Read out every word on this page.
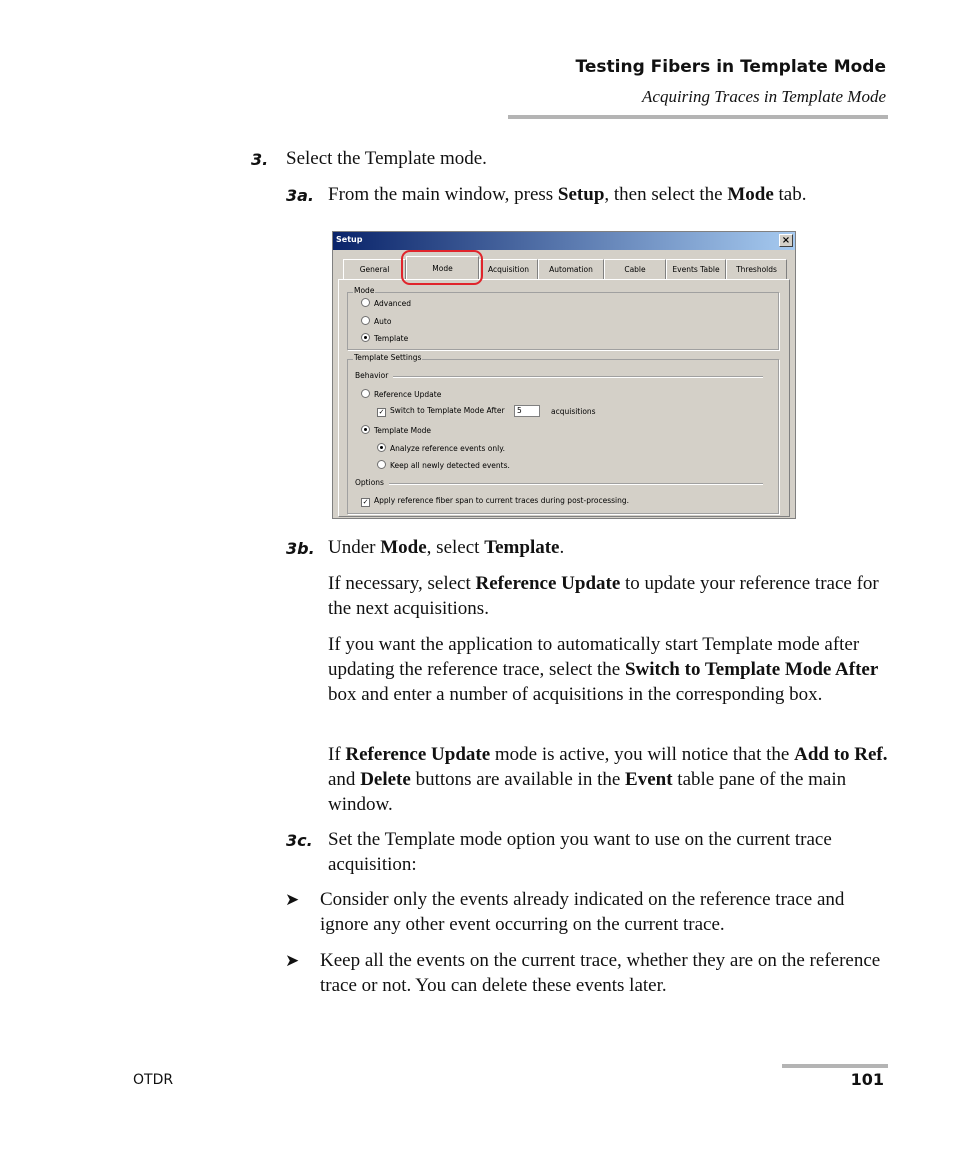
Testing Fibers in Template Mode
Acquiring Traces in Template Mode
3. Select the Template mode.
3a. From the main window, press Setup, then select the Mode tab.
Setup	×
General	Mode	Acquisition	Automation	Cable	Events Table	Thresholds
Mode
Advanced
Auto
Template
Template Settings
Behavior
Reference Update
✓ Switch to Template Mode After	5	acquisitions
Template Mode
Analyze reference events only.
Keep all newly detected events.
Options
✓ Apply reference fiber span to current traces during post-processing.
3b. Under Mode, select Template.
If necessary, select Reference Update to update your reference trace for the next acquisitions.
If you want the application to automatically start Template mode after updating the reference trace, select the Switch to Template Mode After box and enter a number of acquisitions in the corresponding box.
If Reference Update mode is active, you will notice that the Add to Ref. and Delete buttons are available in the Event table pane of the main window.
3c. Set the Template mode option you want to use on the current trace acquisition:
➤ Consider only the events already indicated on the reference trace and ignore any other event occurring on the current trace.
➤ Keep all the events on the current trace, whether they are on the reference trace or not. You can delete these events later.
OTDR	101
